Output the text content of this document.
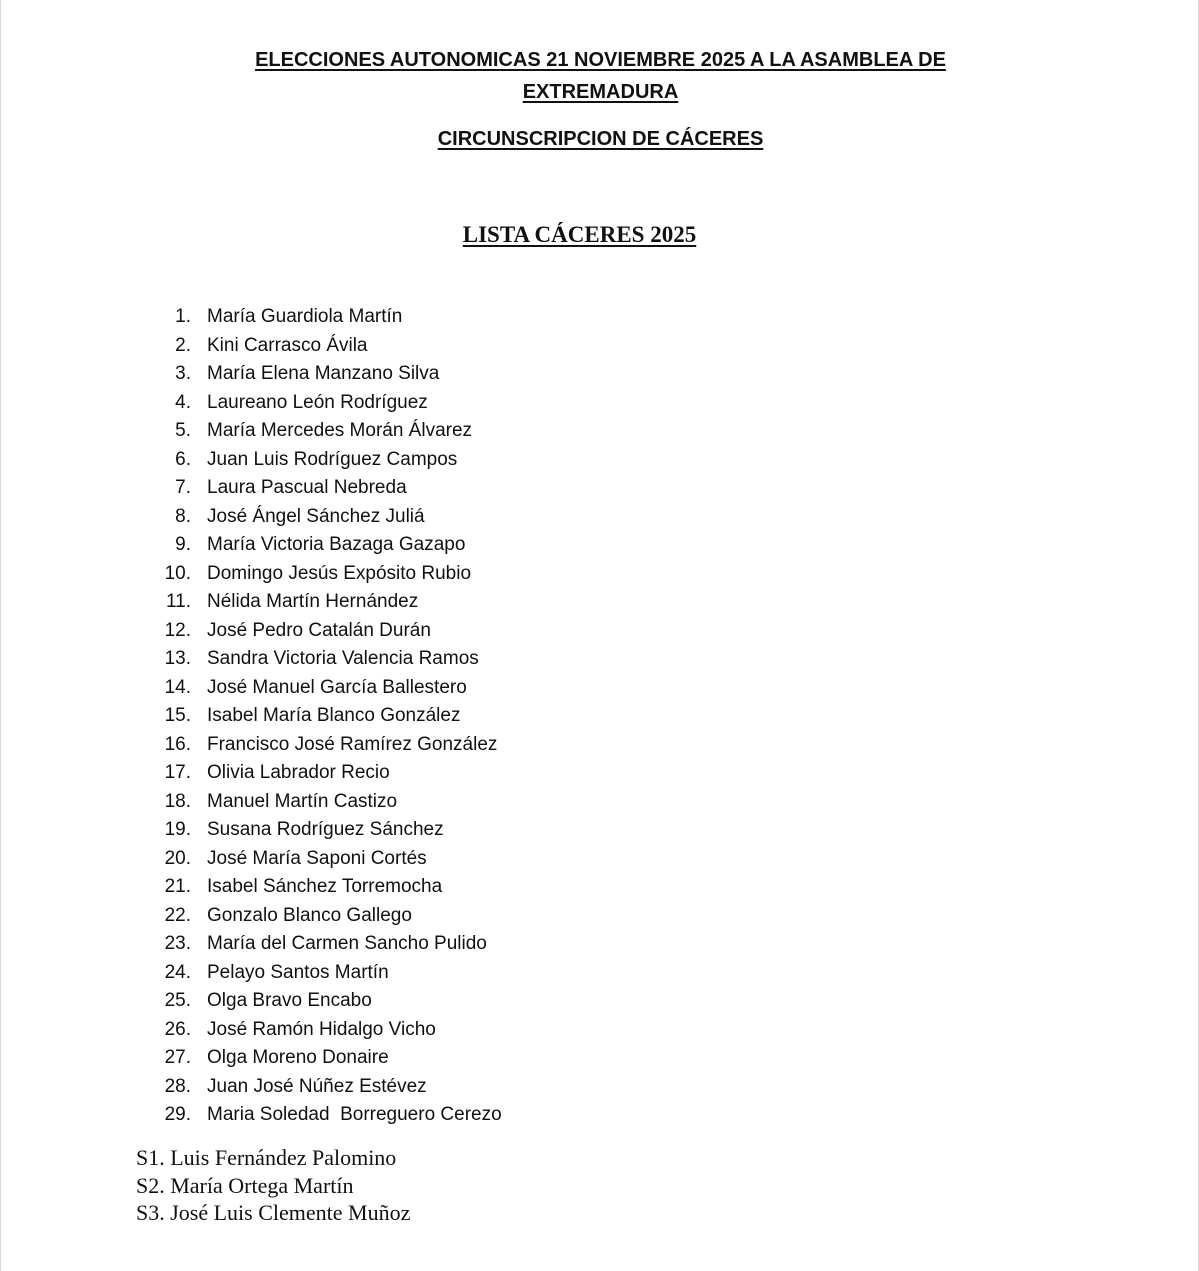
ELECCIONES AUTONOMICAS 21 NOVIEMBRE 2025 A LA ASAMBLEA DE
EXTREMADURA
CIRCUNSCRIPCION DE CÁCERES
LISTA CÁCERES 2025
1. María Guardiola Martín
2. Kini Carrasco Ávila
3. María Elena Manzano Silva
4. Laureano León Rodríguez
5. María Mercedes Morán Álvarez
6. Juan Luis Rodríguez Campos
7. Laura Pascual Nebreda
8. José Ángel Sánchez Juliá
9. María Victoria Bazaga Gazapo
10. Domingo Jesús Expósito Rubio
11. Nélida Martín Hernández
12. José Pedro Catalán Durán
13. Sandra Victoria Valencia Ramos
14. José Manuel García Ballestero
15. Isabel María Blanco González
16. Francisco José Ramírez González
17. Olivia Labrador Recio
18. Manuel Martín Castizo
19. Susana Rodríguez Sánchez
20. José María Saponi Cortés
21. Isabel Sánchez Torremocha
22. Gonzalo Blanco Gallego
23. María del Carmen Sancho Pulido
24. Pelayo Santos Martín
25. Olga Bravo Encabo
26. José Ramón Hidalgo Vicho
27. Olga Moreno Donaire
28. Juan José Núñez Estévez
29. Maria Soledad  Borreguero Cerezo
S1. Luis Fernández Palomino
S2. María Ortega Martín
S3. José Luis Clemente Muñoz
